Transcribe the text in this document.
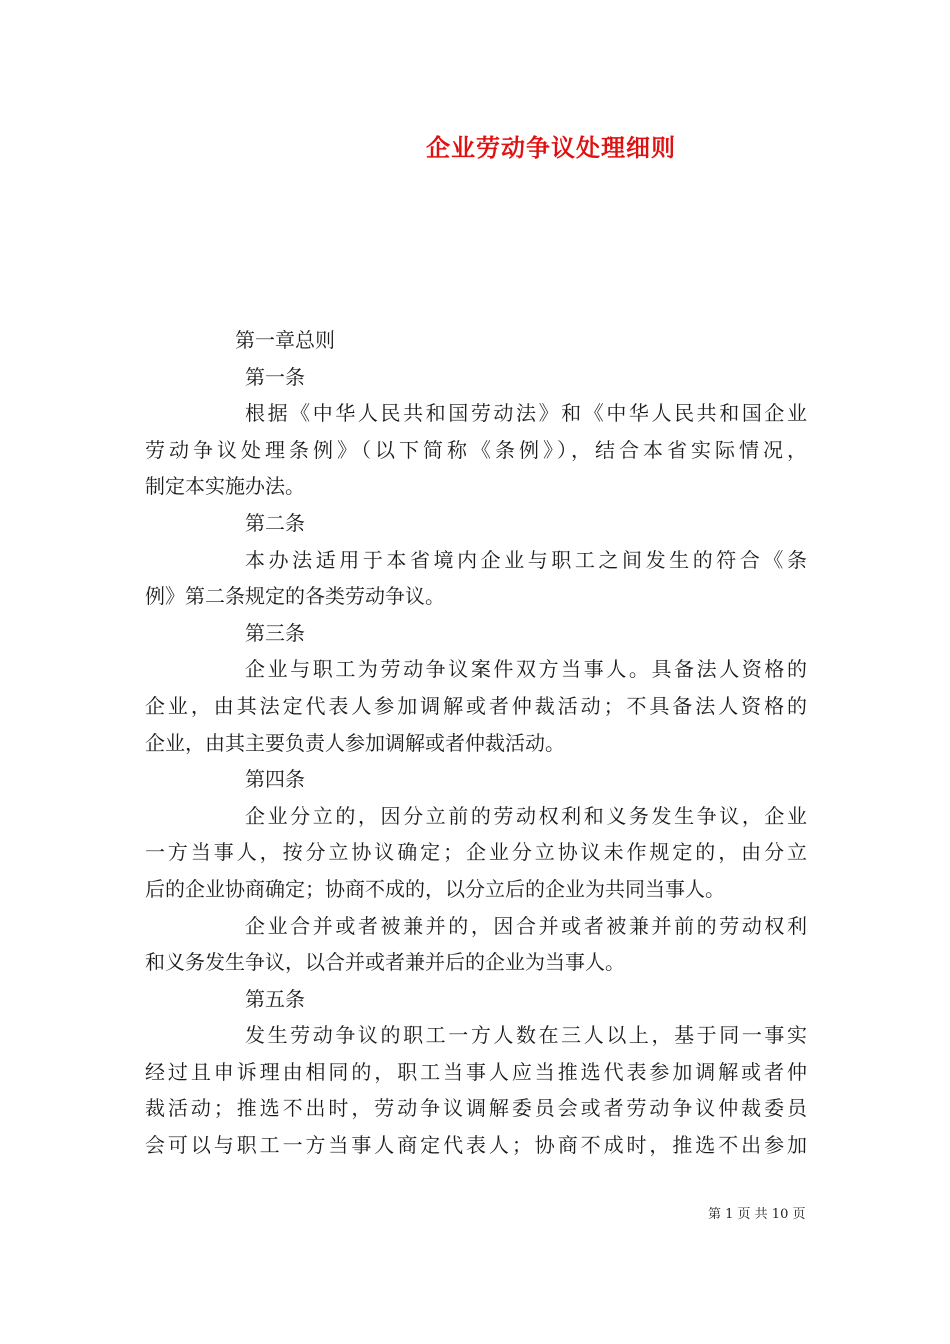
企业劳动争议处理细则
第一章总则
第一条
根据《中华人民共和国劳动法》和《中华人民共和国企业
劳动争议处理条例》（以下简称《条例》），结合本省实际情况，
制定本实施办法。
第二条
本办法适用于本省境内企业与职工之间发生的符合《条
例》第二条规定的各类劳动争议。
第三条
企业与职工为劳动争议案件双方当事人。具备法人资格的
企业，由其法定代表人参加调解或者仲裁活动；不具备法人资格的
企业，由其主要负责人参加调解或者仲裁活动。
第四条
企业分立的，因分立前的劳动权利和义务发生争议，企业
一方当事人，按分立协议确定；企业分立协议未作规定的，由分立
后的企业协商确定；协商不成的，以分立后的企业为共同当事人。
企业合并或者被兼并的，因合并或者被兼并前的劳动权利
和义务发生争议，以合并或者兼并后的企业为当事人。
第五条
发生劳动争议的职工一方人数在三人以上，基于同一事实
经过且申诉理由相同的，职工当事人应当推选代表参加调解或者仲
裁活动；推选不出时，劳动争议调解委员会或者劳动争议仲裁委员
会可以与职工一方当事人商定代表人；协商不成时，推选不出参加
第 1 页 共 10 页
